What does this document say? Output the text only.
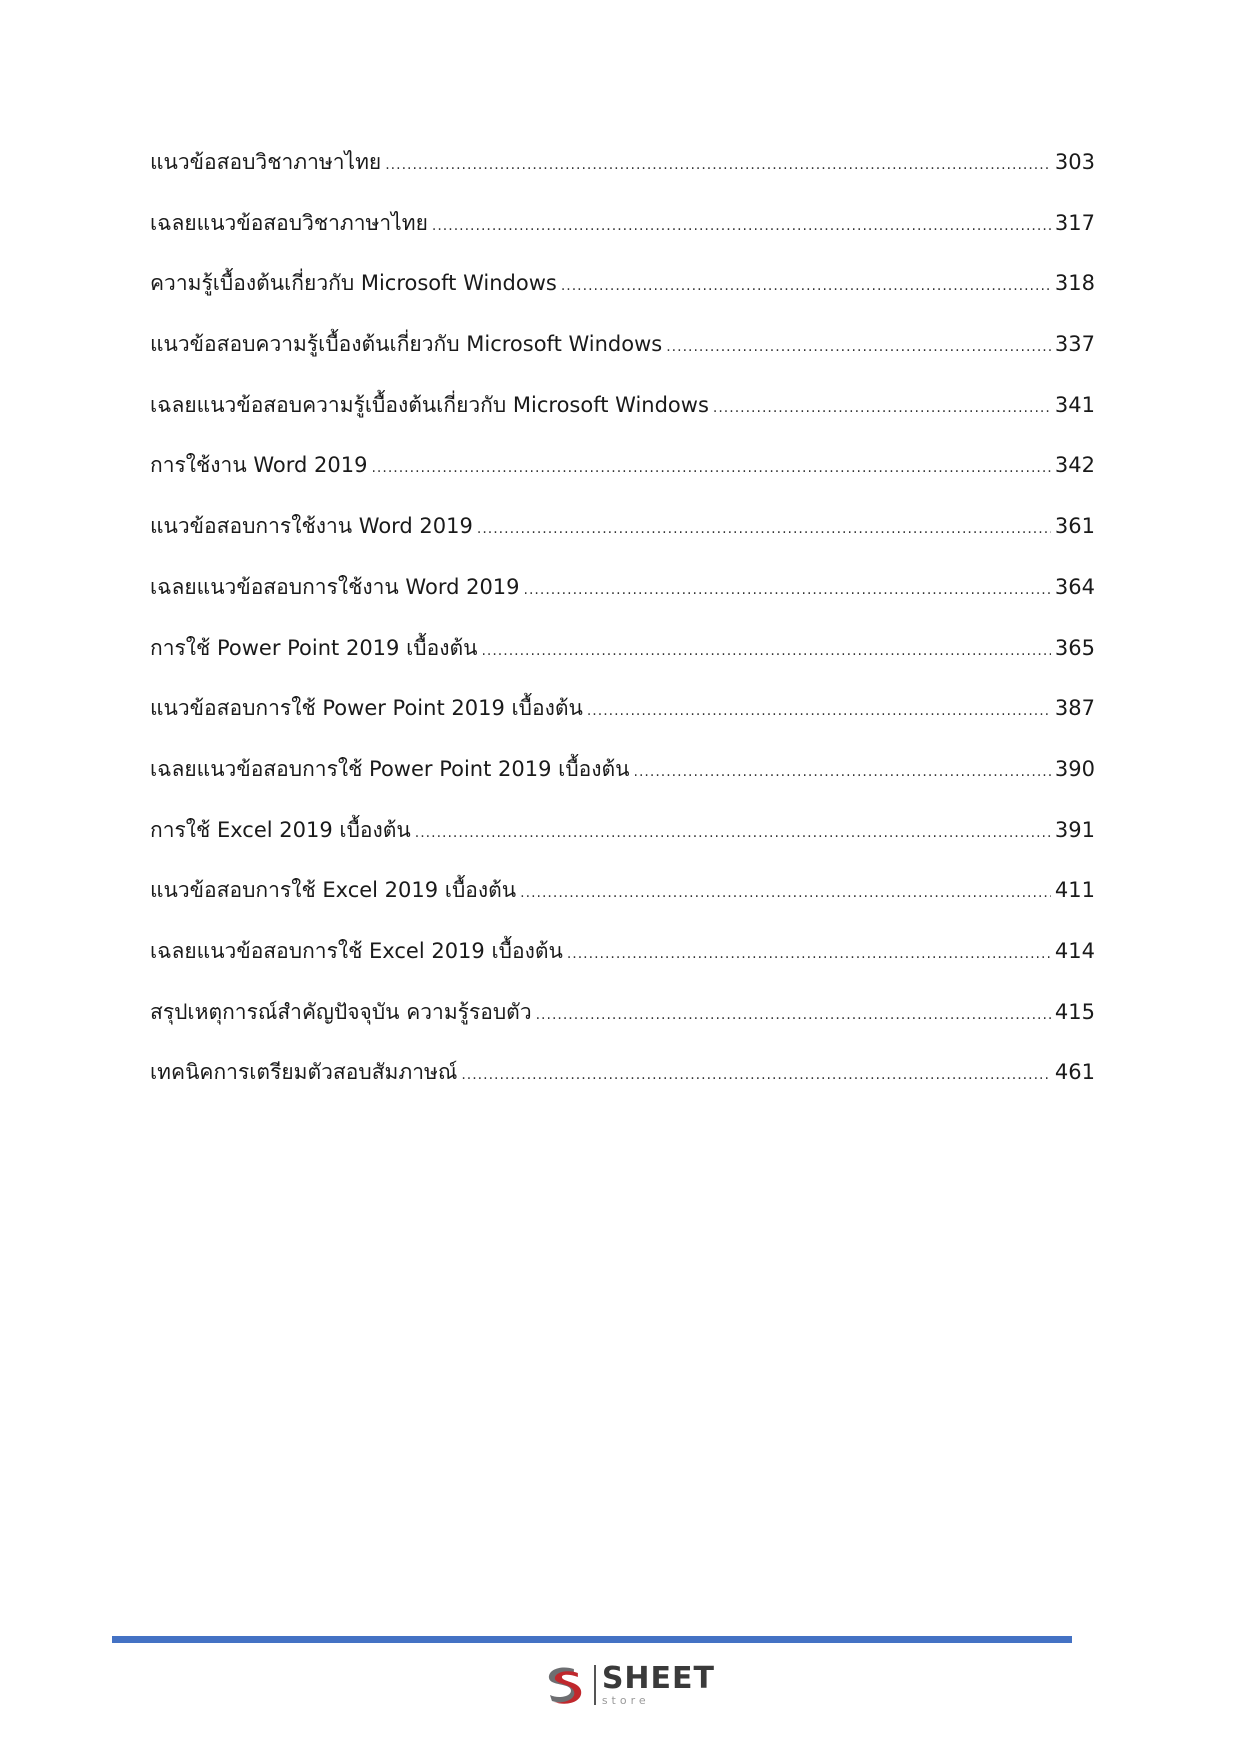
แนวข้อสอบวิชาภาษาไทย .....	303
เฉลยแนวข้อสอบวิชาภาษาไทย .....	317
ความรู้เบื้องต้นเกี่ยวกับ Microsoft Windows .....	318
แนวข้อสอบความรู้เบื้องต้นเกี่ยวกับ Microsoft Windows .....	337
เฉลยแนวข้อสอบความรู้เบื้องต้นเกี่ยวกับ Microsoft Windows .....	341
การใช้งาน Word 2019 .....	342
แนวข้อสอบการใช้งาน Word 2019 .....	361
เฉลยแนวข้อสอบการใช้งาน Word 2019 .....	364
การใช้ Power Point 2019 เบื้องต้น .....	365
แนวข้อสอบการใช้ Power Point 2019 เบื้องต้น .....	387
เฉลยแนวข้อสอบการใช้ Power Point 2019 เบื้องต้น .....	390
การใช้ Excel 2019 เบื้องต้น .....	391
แนวข้อสอบการใช้ Excel 2019 เบื้องต้น .....	411
เฉลยแนวข้อสอบการใช้ Excel 2019 เบื้องต้น .....	414
สรุปเหตุการณ์สำคัญปัจจุบัน ความรู้รอบตัว .....	415
เทคนิคการเตรียมตัวสอบสัมภาษณ์ .....	461
SHEET
store
